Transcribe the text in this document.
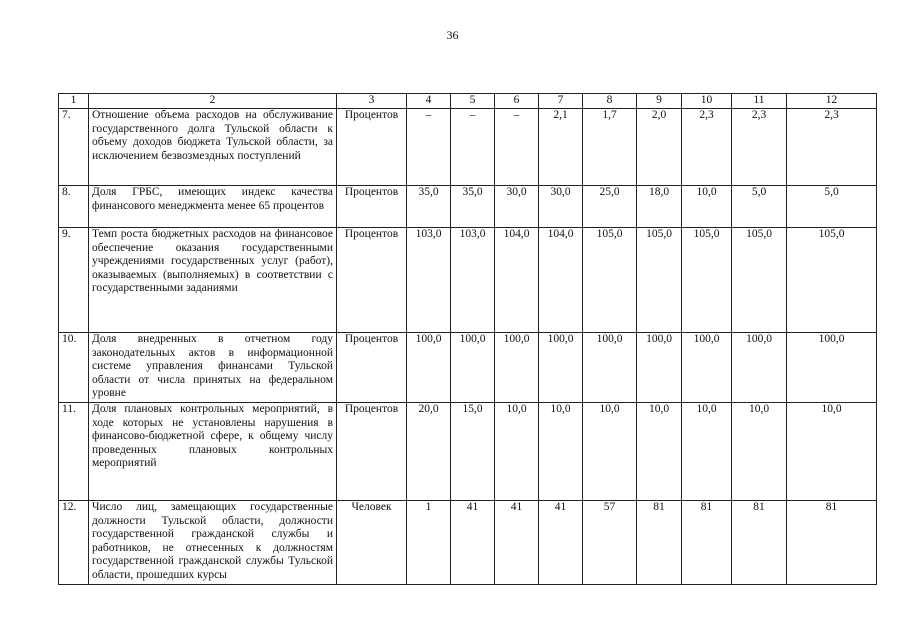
36
1	2	3	4	5	6	7	8	9	10	11	12
7.	Отношение объема расходов на обслуживание государственного долга Тульской области к объему доходов бюджета Тульской области, за исключением безвозмездных поступлений	Процентов	–	–	–	2,1	1,7	2,0	2,3	2,3	2,3
8.	Доля ГРБС, имеющих индекс качества финансового менеджмента менее 65 процентов	Процентов	35,0	35,0	30,0	30,0	25,0	18,0	10,0	5,0	5,0
9.	Темп роста бюджетных расходов на финансовое обеспечение оказания государственными учреждениями государственных услуг (работ), оказываемых (выполняемых) в соответствии с государственными заданиями	Процентов	103,0	103,0	104,0	104,0	105,0	105,0	105,0	105,0	105,0
10.	Доля внедренных в отчетном году законодательных актов в информационной системе управления финансами Тульской области от числа принятых на федеральном уровне	Процентов	100,0	100,0	100,0	100,0	100,0	100,0	100,0	100,0	100,0
11.	Доля плановых контрольных мероприятий, в ходе которых не установлены нарушения в финансово-бюджетной сфере, к общему числу проведенных плановых контрольных мероприятий	Процентов	20,0	15,0	10,0	10,0	10,0	10,0	10,0	10,0	10,0
12.	Число лиц, замещающих государственные должности Тульской области, должности государственной гражданской службы и работников, не отнесенных к должностям государственной гражданской службы Тульской области, прошедших курсы	Человек	1	41	41	41	57	81	81	81	81
